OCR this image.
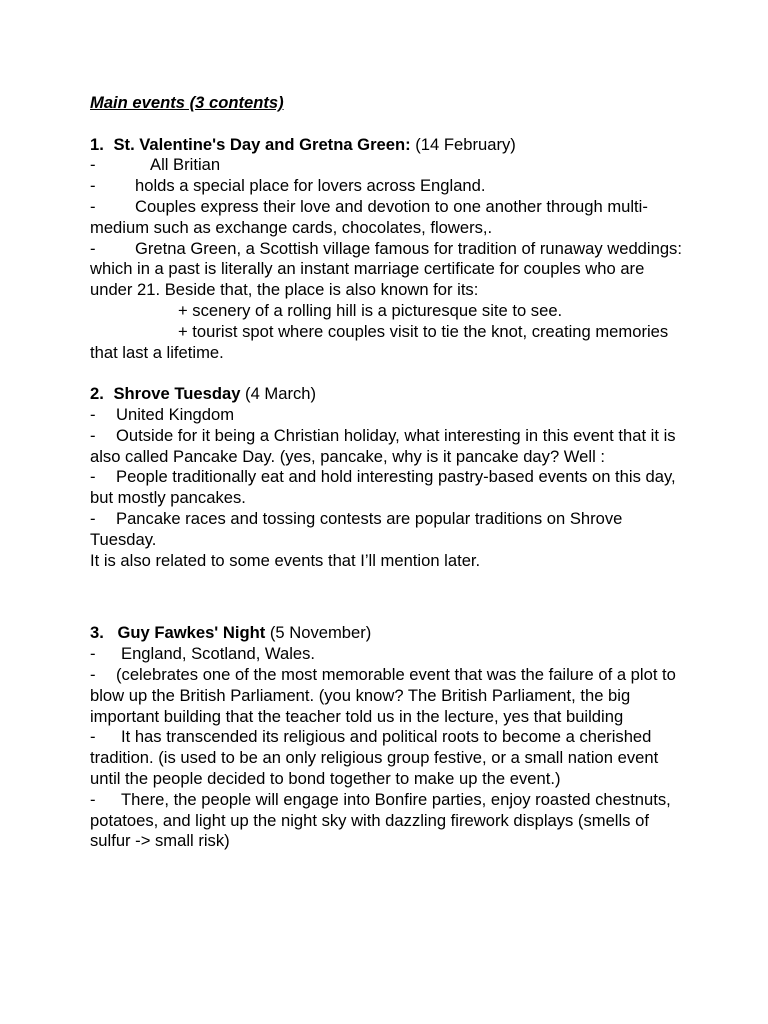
Main events (3 contents)
1. St. Valentine's Day and Gretna Green: (14 February)
-	All Britian
- holds a special place for lovers across England.
- Couples express their love and devotion to one another through multi-medium such as exchange cards, chocolates, flowers,.
- Gretna Green, a Scottish village famous for tradition of runaway weddings: which in a past is literally an instant marriage certificate for couples who are under 21. Beside that, the place is also known for its:
+ scenery of a rolling hill is a picturesque site to see.
+ tourist spot where couples visit to tie the knot, creating memories that last a lifetime.
2. Shrove Tuesday (4 March)
- United Kingdom
- Outside for it being a Christian holiday, what interesting in this event that it is also called Pancake Day. (yes, pancake, why is it pancake day? Well :
- People traditionally eat and hold interesting pastry-based events on this day, but mostly pancakes.
- Pancake races and tossing contests are popular traditions on Shrove Tuesday.
It is also related to some events that I’ll mention later.
3. Guy Fawkes' Night (5 November)
- England, Scotland, Wales.
- (celebrates one of the most memorable event that was the failure of a plot to blow up the British Parliament. (you know? The British Parliament, the big important building that the teacher told us in the lecture, yes that building
- It has transcended its religious and political roots to become a cherished tradition. (is used to be an only religious group festive, or a small nation event until the people decided to bond together to make up the event.)
- There, the people will engage into Bonfire parties, enjoy roasted chestnuts, potatoes, and light up the night sky with dazzling firework displays (smells of sulfur -> small risk)
